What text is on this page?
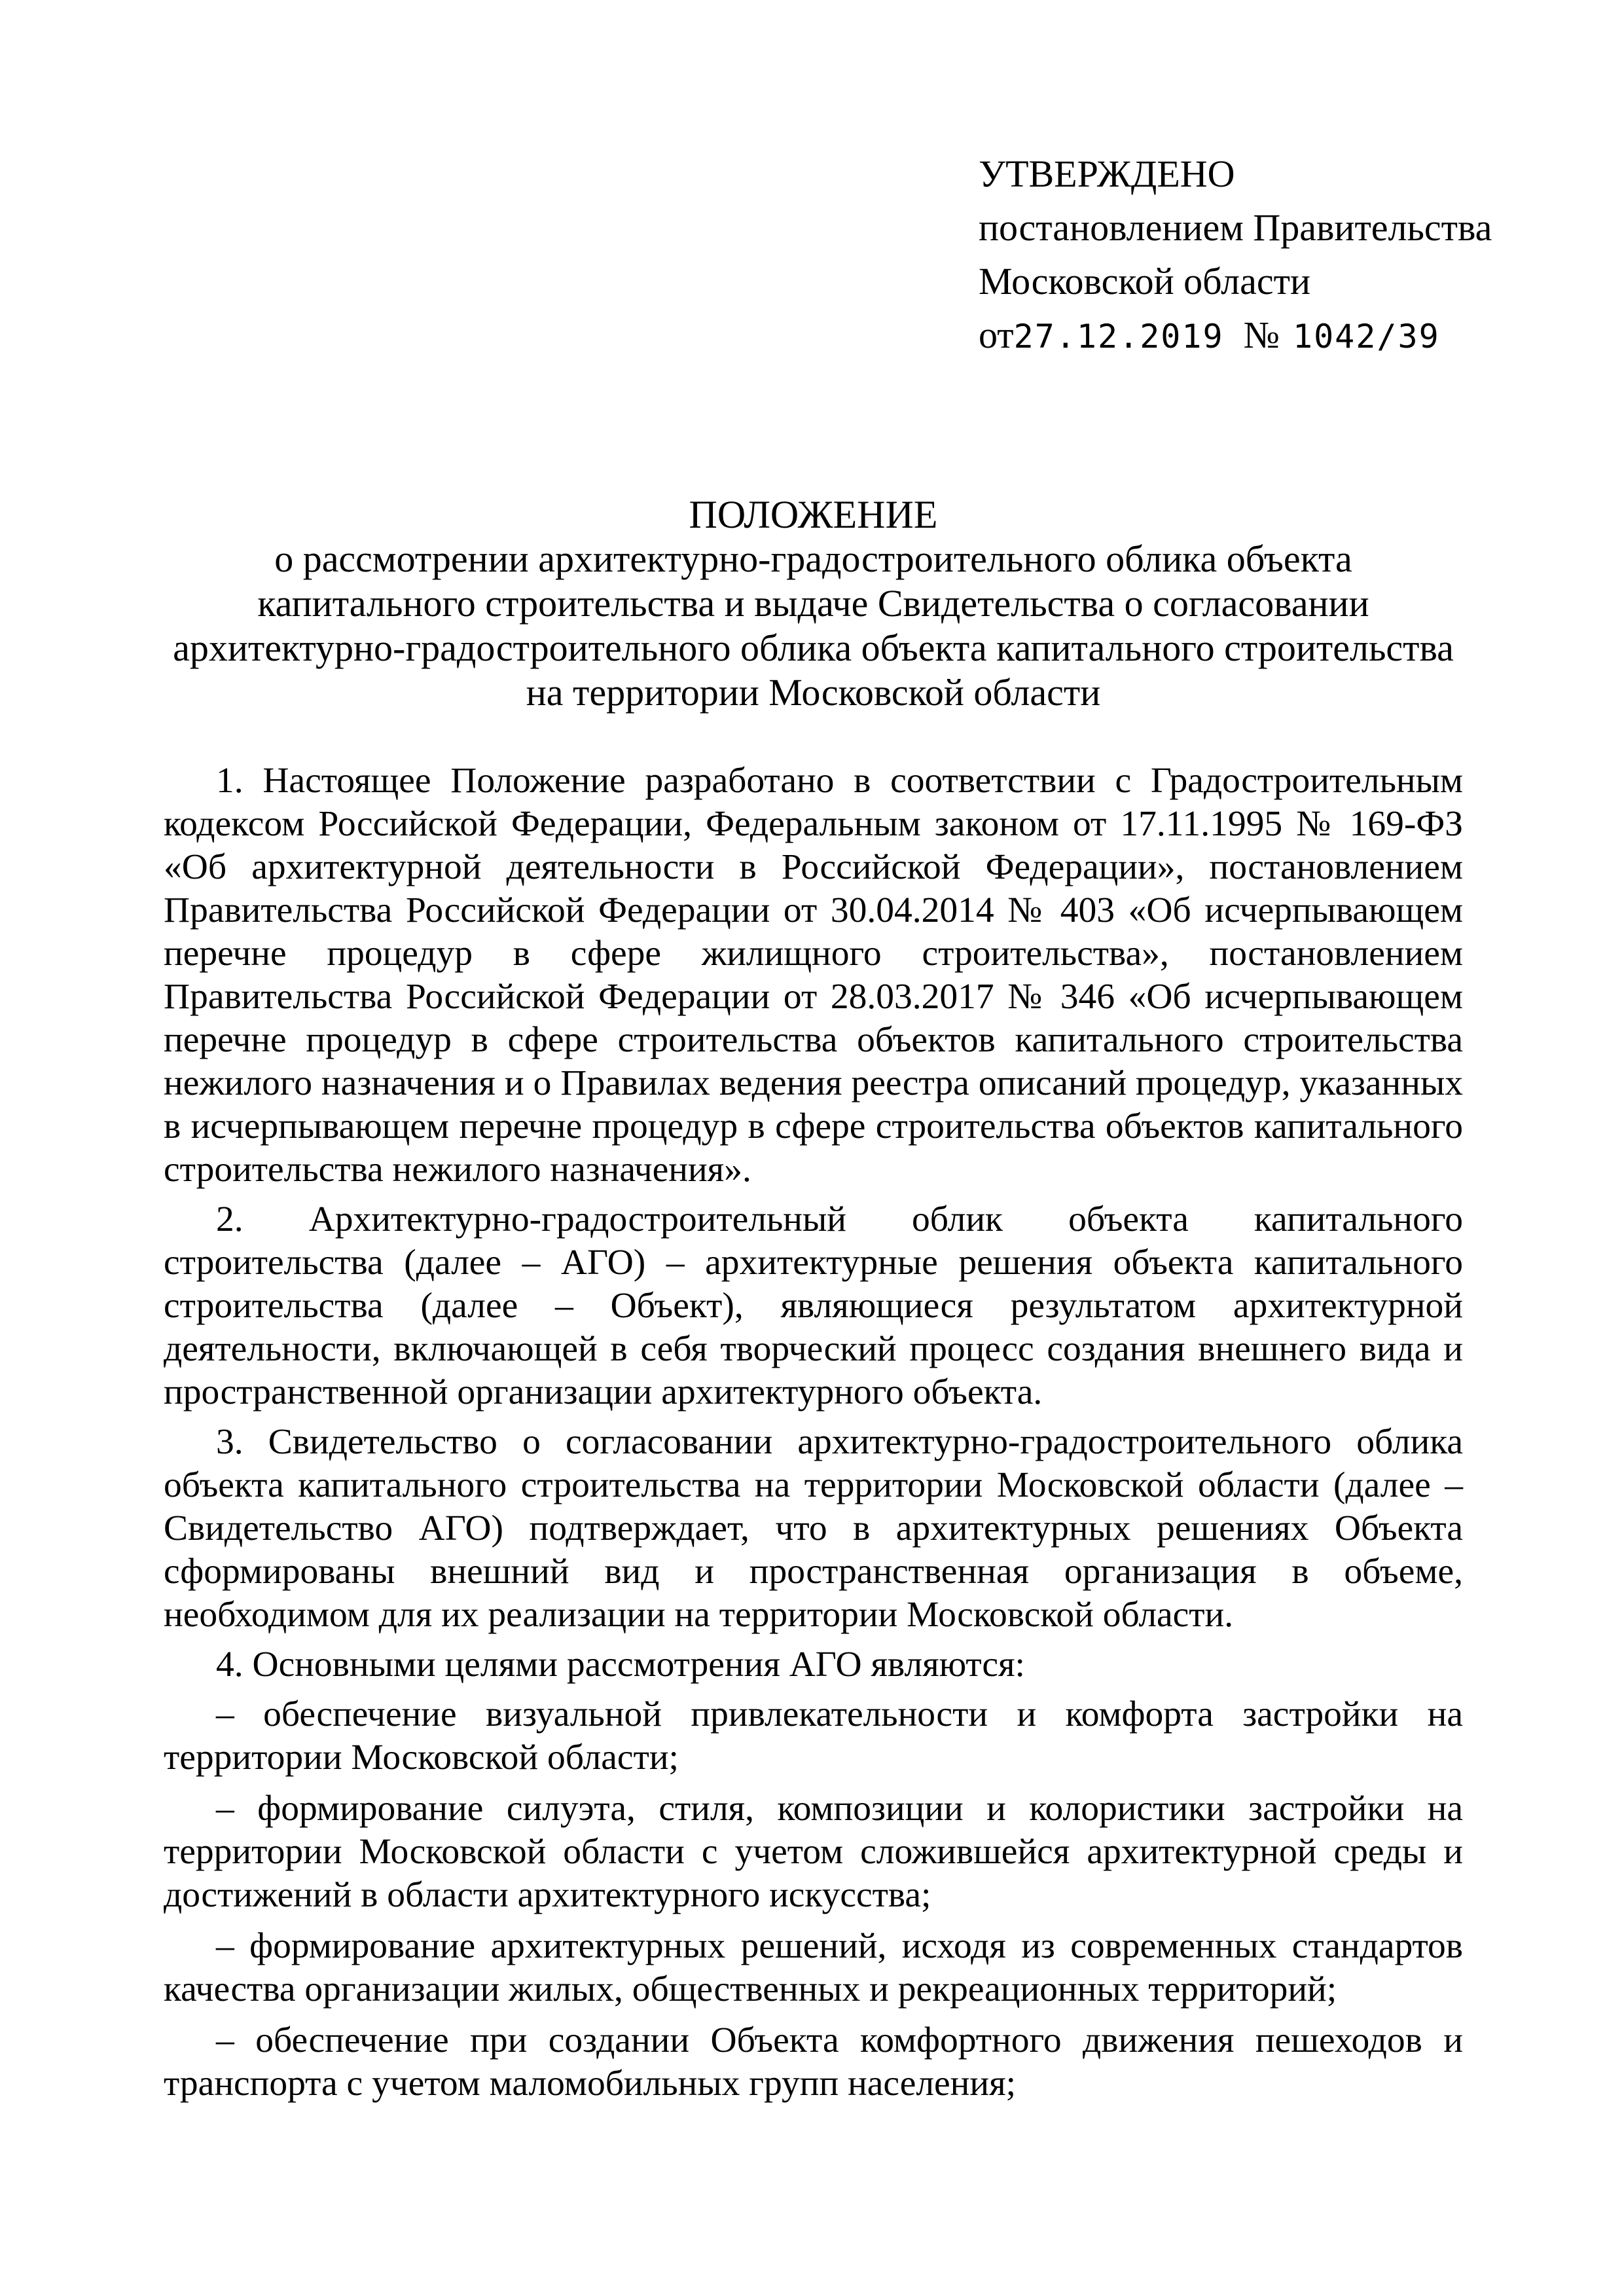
УТВЕРЖДЕНО
постановлением Правительства
Московской области
от27.12.2019 № 1042/39
ПОЛОЖЕНИЕ
о рассмотрении архитектурно-градостроительного облика объекта
капитального строительства и выдаче Свидетельства о согласовании
архитектурно-градостроительного облика объекта капитального строительства
на территории Московской области

1. Настоящее Положение разработано в соответствии с Градостроительным кодексом Российской Федерации, Федеральным законом от 17.11.1995 № 169-ФЗ «Об архитектурной деятельности в Российской Федерации», постановлением Правительства Российской Федерации от 30.04.2014 № 403 «Об исчерпывающем перечне процедур в сфере жилищного строительства», постановлением Правительства Российской Федерации от 28.03.2017 № 346 «Об исчерпывающем перечне процедур в сфере строительства объектов капитального строительства нежилого назначения и о Правилах ведения реестра описаний процедур, указанных в исчерпывающем перечне процедур в сфере строительства объектов капитального строительства нежилого назначения».

2. Архитектурно-градостроительный облик объекта капитального строительства (далее – АГО) – архитектурные решения объекта капитального строительства (далее – Объект), являющиеся результатом архитектурной деятельности, включающей в себя творческий процесс создания внешнего вида и пространственной организации архитектурного объекта.

3. Свидетельство о согласовании архитектурно-градостроительного облика объекта капитального строительства на территории Московской области (далее – Свидетельство АГО) подтверждает, что в архитектурных решениях Объекта сформированы внешний вид и пространственная организация в объеме, необходимом для их реализации на территории Московской области.

4. Основными целями рассмотрения АГО являются:

– обеспечение визуальной привлекательности и комфорта застройки на территории Московской области;

– формирование силуэта, стиля, композиции и колористики застройки на территории Московской области с учетом сложившейся архитектурной среды и достижений в области архитектурного искусства;

– формирование архитектурных решений, исходя из современных стандартов качества организации жилых, общественных и рекреационных территорий;

– обеспечение при создании Объекта комфортного движения пешеходов и транспорта с учетом маломобильных групп населения;
